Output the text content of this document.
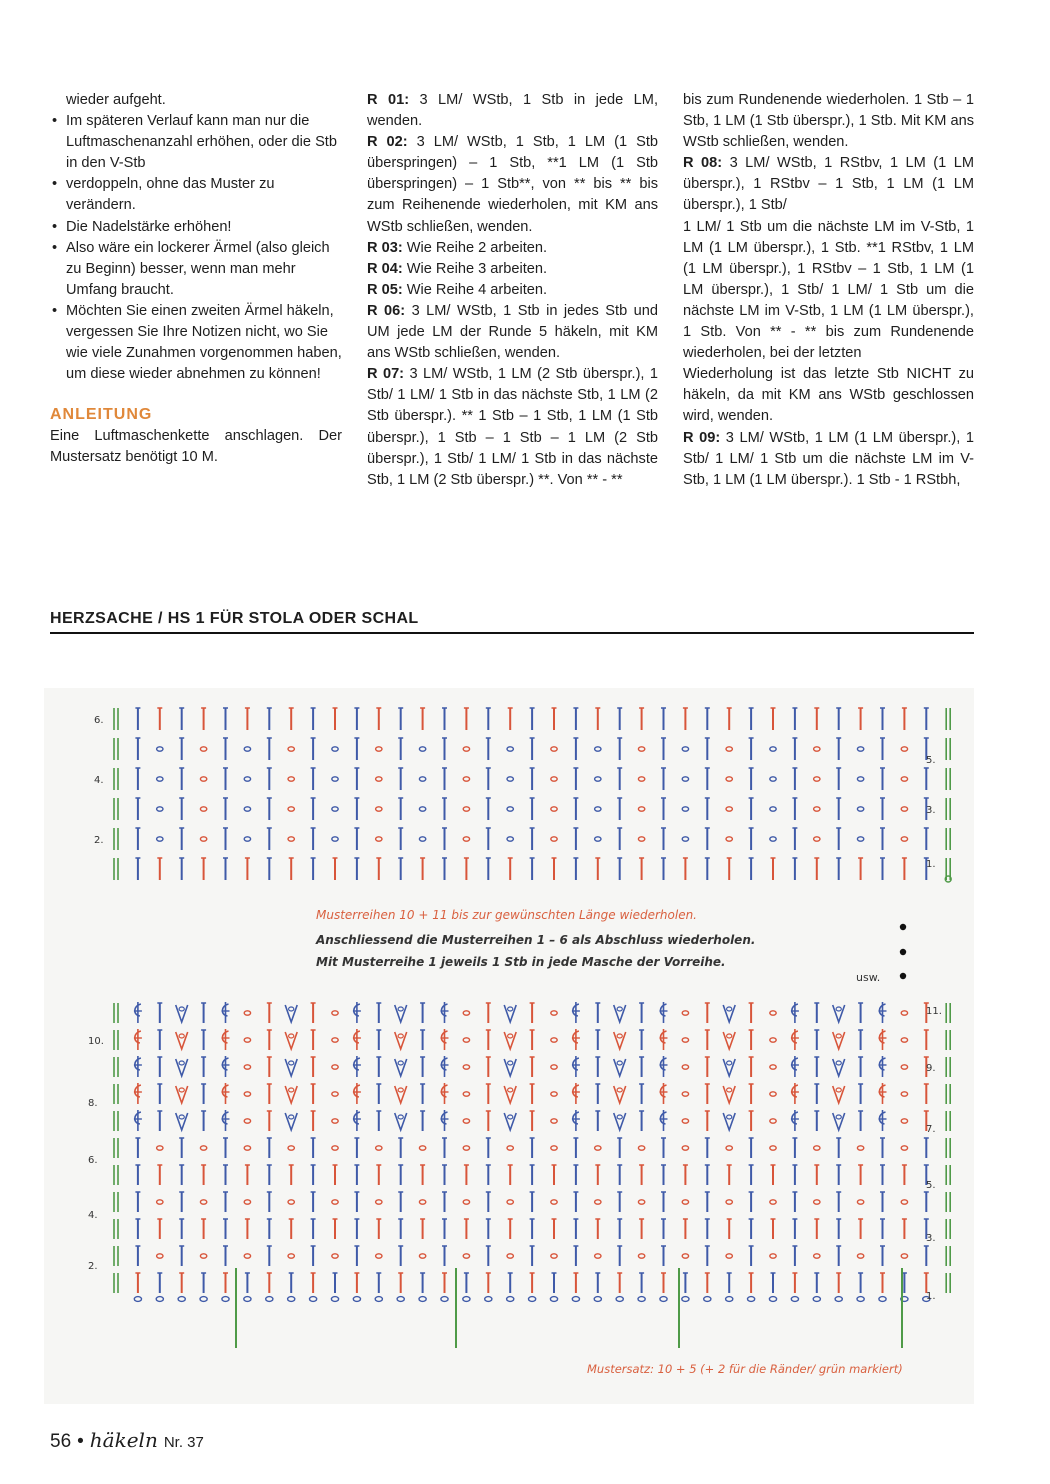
wieder aufgeht.

• Im späteren Verlauf kann man nur die Luftmaschenanzahl erhöhen, oder die Stb in den V-Stb
• verdoppeln, ohne das Muster zu verändern.
• Die Nadelstärke erhöhen!
• Also wäre ein lockerer Ärmel (also gleich zu Beginn) besser, wenn man mehr Umfang braucht.
• Möchten Sie einen zweiten Ärmel häkeln, vergessen Sie Ihre Notizen nicht, wo Sie wie viele Zunahmen vorgenommen haben, um diese wieder abnehmen zu können!
ANLEITUNG

Eine Luftmaschenkette anschlagen. Der Mustersatz benötigt 10 M.

R 01: 3 LM/ WStb, 1 Stb in jede LM, wenden.

R 02: 3 LM/ WStb, 1 Stb, 1 LM (1 Stb überspringen) – 1 Stb, **1 LM (1 Stb überspringen) – 1 Stb**, von ** bis ** bis zum Reihenende wiederholen, mit KM ans WStb schließen, wenden.

R 03: Wie Reihe 2 arbeiten.

R 04: Wie Reihe 3 arbeiten.

R 05: Wie Reihe 4 arbeiten.

R 06: 3 LM/ WStb, 1 Stb in jedes Stb und UM jede LM der Runde 5 häkeln, mit KM ans WStb schließen, wenden.

R 07: 3 LM/ WStb, 1 LM (2 Stb überspr.), 1 Stb/ 1 LM/ 1 Stb in das nächste Stb, 1 LM (2 Stb überspr.). ** 1 Stb – 1 Stb, 1 LM (1 Stb überspr.), 1 Stb – 1 Stb – 1 LM (2 Stb überspr.), 1 Stb/ 1 LM/ 1 Stb in das nächste Stb, 1 LM (2 Stb überspr.) **. Von ** - **

bis zum Rundenende wiederholen. 1 Stb – 1 Stb, 1 LM (1 Stb überspr.), 1 Stb. Mit KM ans WStb schließen, wenden.

R 08: 3 LM/ WStb, 1 RStbv, 1 LM (1 LM überspr.), 1 RStbv – 1 Stb, 1 LM (1 LM überspr.), 1 Stb/

1 LM/ 1 Stb um die nächste LM im V-Stb, 1 LM (1 LM überspr.), 1 Stb. **1 RStbv, 1 LM (1 LM überspr.), 1 RStbv – 1 Stb, 1 LM (1 LM überspr.), 1 Stb/ 1 LM/ 1 Stb um die nächste LM im V-Stb, 1 LM (1 LM überspr.), 1 Stb. Von ** - ** bis zum Rundenende wiederholen, bei der letzten

Wiederholung ist das letzte Stb NICHT zu häkeln, da mit KM ans WStb geschlossen wird, wenden.

R 09: 3 LM/ WStb, 1 LM (1 LM überspr.), 1 Stb/ 1 LM/ 1 Stb um die nächste LM im V-Stb, 1 LM (1 LM überspr.). 1 Stb - 1 RStbh,

HERZSACHE / HS 1 FÜR STOLA ODER SCHAL
6.
4.
2.
5.
3.
1.
10.
8.
6.
4.
2.
11.
9.
7.
5.
3.
1.
Musterreihen 10 + 11 bis zur gewünschten Länge wiederholen.
Anschliessend die Musterreihen 1 – 6 als Abschluss wiederholen.
Mit Musterreihe 1 jeweils 1 Stb in jede Masche der Vorreihe.
usw.
Mustersatz: 10 + 5 (+ 2 für die Ränder/ grün markiert)
56 • häkeln Nr. 37
